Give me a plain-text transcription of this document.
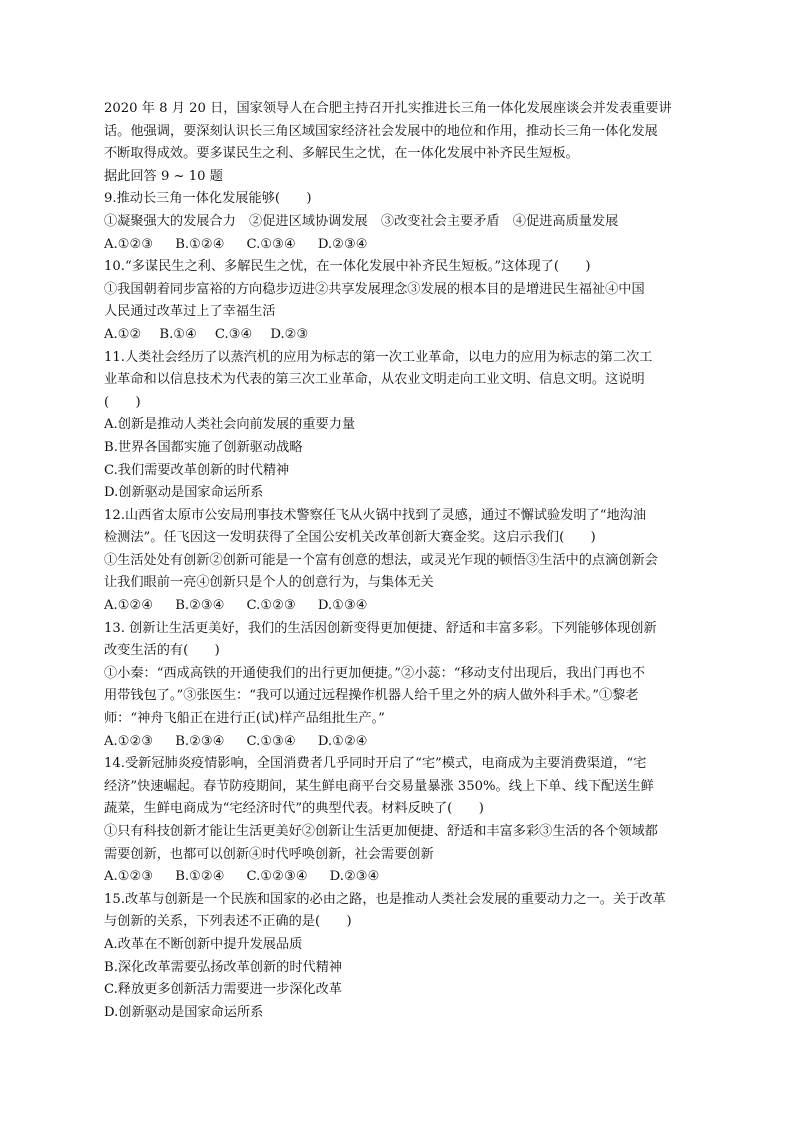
2020 年 8 月 20 日，国家领导人在合肥主持召开扎实推进长三角一体化发展座谈会并发表重要讲
话。他强调，要深刻认识长三角区域国家经济社会发展中的地位和作用，推动长三角一体化发展
不断取得成效。要多谋民生之利、多解民生之忧，在一体化发展中补齐民生短板。
据此回答 9 ~ 10 题
9.推动长三角一体化发展能够(　　)
①凝聚强大的发展合力　②促进区域协调发展　③改变社会主要矛盾　④促进高质量发展
A.①②③ B.①②④ C.①③④ D.②③④
10.“多谋民生之利、多解民生之忧，在一体化发展中补齐民生短板。”这体现了(　　)
①我国朝着同步富裕的方向稳步迈进②共享发展理念③发展的根本目的是增进民生福祉④中国
人民通过改革过上了幸福生活
A.①② B.①④ C.③④ D.②③
11.人类社会经历了以蒸汽机的应用为标志的第一次工业革命，以电力的应用为标志的第二次工
业革命和以信息技术为代表的第三次工业革命，从农业文明走向工业文明、信息文明。这说明
(　　)
A.创新是推动人类社会向前发展的重要力量
B.世界各国都实施了创新驱动战略
C.我们需要改革创新的时代精神
D.创新驱动是国家命运所系
12.山西省太原市公安局刑事技术警察任飞从火锅中找到了灵感，通过不懈试验发明了“地沟油
检测法”。任飞因这一发明获得了全国公安机关改革创新大赛金奖。这启示我们(　　)
①生活处处有创新②创新可能是一个富有创意的想法，或灵光乍现的顿悟③生活中的点滴创新会
让我们眼前一亮④创新只是个人的创意行为，与集体无关
A.①②④ B.②③④ C.①②③ D.①③④
13. 创新让生活更美好，我们的生活因创新变得更加便捷、舒适和丰富多彩。下列能够体现创新
改变生活的有(　　)
①小秦：“西成高铁的开通使我们的出行更加便捷。”②小蕊：“移动支付出现后，我出门再也不
用带钱包了。”③张医生：“我可以通过远程操作机器人给千里之外的病人做外科手术。”①黎老
师：“神舟飞船正在进行正(试)样产品组批生产。”
A.①②③ B.②③④ C.①③④ D.①②④
14.受新冠肺炎疫情影响，全国消费者几乎同时开启了“宅”模式，电商成为主要消费渠道，“宅
经济”快速崛起。春节防疫期间，某生鲜电商平台交易量暴涨 350%。线上下单、线下配送生鲜
蔬菜，生鲜电商成为“宅经济时代”的典型代表。材料反映了(　　)
①只有科技创新才能让生活更美好②创新让生活更加便捷、舒适和丰富多彩③生活的各个领域都
需要创新，也都可以创新④时代呼唤创新，社会需要创新
A.①②③ B.①②④ C.①②③④ D.②③④
15.改革与创新是一个民族和国家的必由之路，也是推动人类社会发展的重要动力之一。关于改革
与创新的关系，下列表述不正确的是(　　)
A.改革在不断创新中提升发展品质
B.深化改革需要弘扬改革创新的时代精神
C.释放更多创新活力需要进一步深化改革
D.创新驱动是国家命运所系
